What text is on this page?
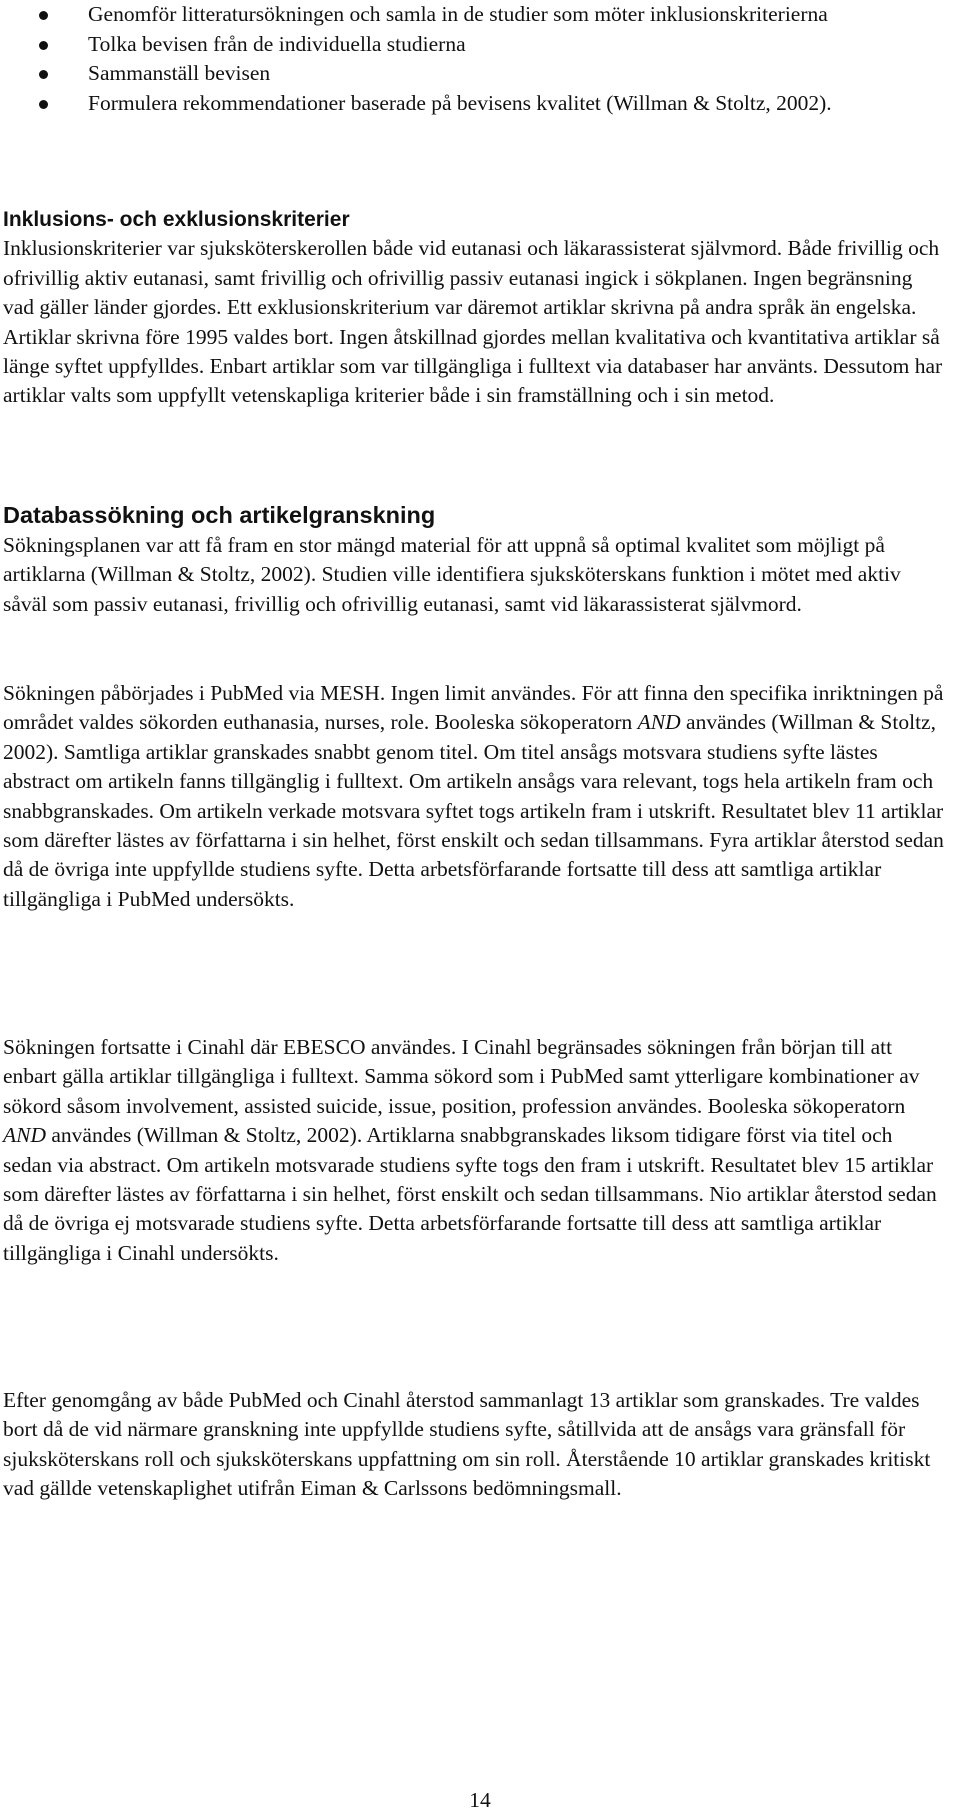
Genomför litteratursökningen och samla in de studier som möter inklusionskriterierna
Tolka bevisen från de individuella studierna
Sammanställ bevisen
Formulera rekommendationer baserade på bevisens kvalitet (Willman & Stoltz, 2002).
Inklusions- och exklusionskriterier

Inklusionskriterier var sjuksköterskerollen både vid eutanasi och läkarassisterat självmord. Både frivillig och ofrivillig aktiv eutanasi, samt frivillig och ofrivillig passiv eutanasi ingick i sökplanen. Ingen begränsning vad gäller länder gjordes. Ett exklusionskriterium var däremot artiklar skrivna på andra språk än engelska. Artiklar skrivna före 1995 valdes bort. Ingen åtskillnad gjordes mellan kvalitativa och kvantitativa artiklar så länge syftet uppfylldes. Enbart artiklar som var tillgängliga i fulltext via databaser har använts. Dessutom har artiklar valts som uppfyllt vetenskapliga kriterier både i sin framställning och i sin metod.

Databassökning och artikelgranskning

Sökningsplanen var att få fram en stor mängd material för att uppnå så optimal kvalitet som möjligt på artiklarna (Willman & Stoltz, 2002). Studien ville identifiera sjuksköterskans funktion i mötet med aktiv såväl som passiv eutanasi, frivillig och ofrivillig eutanasi, samt vid läkarassisterat självmord.

Sökningen påbörjades i PubMed via MESH. Ingen limit användes. För att finna den specifika inriktningen på området valdes sökorden euthanasia, nurses, role. Booleska sökoperatorn AND användes (Willman & Stoltz, 2002). Samtliga artiklar granskades snabbt genom titel. Om titel ansågs motsvara studiens syfte lästes abstract om artikeln fanns tillgänglig i fulltext. Om artikeln ansågs vara relevant, togs hela artikeln fram och snabbgranskades. Om artikeln verkade motsvara syftet togs artikeln fram i utskrift. Resultatet blev 11 artiklar som därefter lästes av författarna i sin helhet, först enskilt och sedan tillsammans. Fyra artiklar återstod sedan då de övriga inte uppfyllde studiens syfte. Detta arbetsförfarande fortsatte till dess att samtliga artiklar tillgängliga i PubMed undersökts.

Sökningen fortsatte i Cinahl där EBESCO användes. I Cinahl begränsades sökningen från början till att enbart gälla artiklar tillgängliga i fulltext. Samma sökord som i PubMed samt ytterligare kombinationer av sökord såsom involvement, assisted suicide, issue, position, profession användes. Booleska sökoperatorn AND användes (Willman & Stoltz, 2002). Artiklarna snabbgranskades liksom tidigare först via titel och sedan via abstract. Om artikeln motsvarade studiens syfte togs den fram i utskrift. Resultatet blev 15 artiklar som därefter lästes av författarna i sin helhet, först enskilt och sedan tillsammans. Nio artiklar återstod sedan då de övriga ej motsvarade studiens syfte. Detta arbetsförfarande fortsatte till dess att samtliga artiklar tillgängliga i Cinahl undersökts.

Efter genomgång av både PubMed och Cinahl återstod sammanlagt 13 artiklar som granskades. Tre valdes bort då de vid närmare granskning inte uppfyllde studiens syfte, såtillvida att de ansågs vara gränsfall för sjuksköterskans roll och sjuksköterskans uppfattning om sin roll. Återstående 10 artiklar granskades kritiskt vad gällde vetenskaplighet utifrån Eiman & Carlssons bedömningsmall.

14
